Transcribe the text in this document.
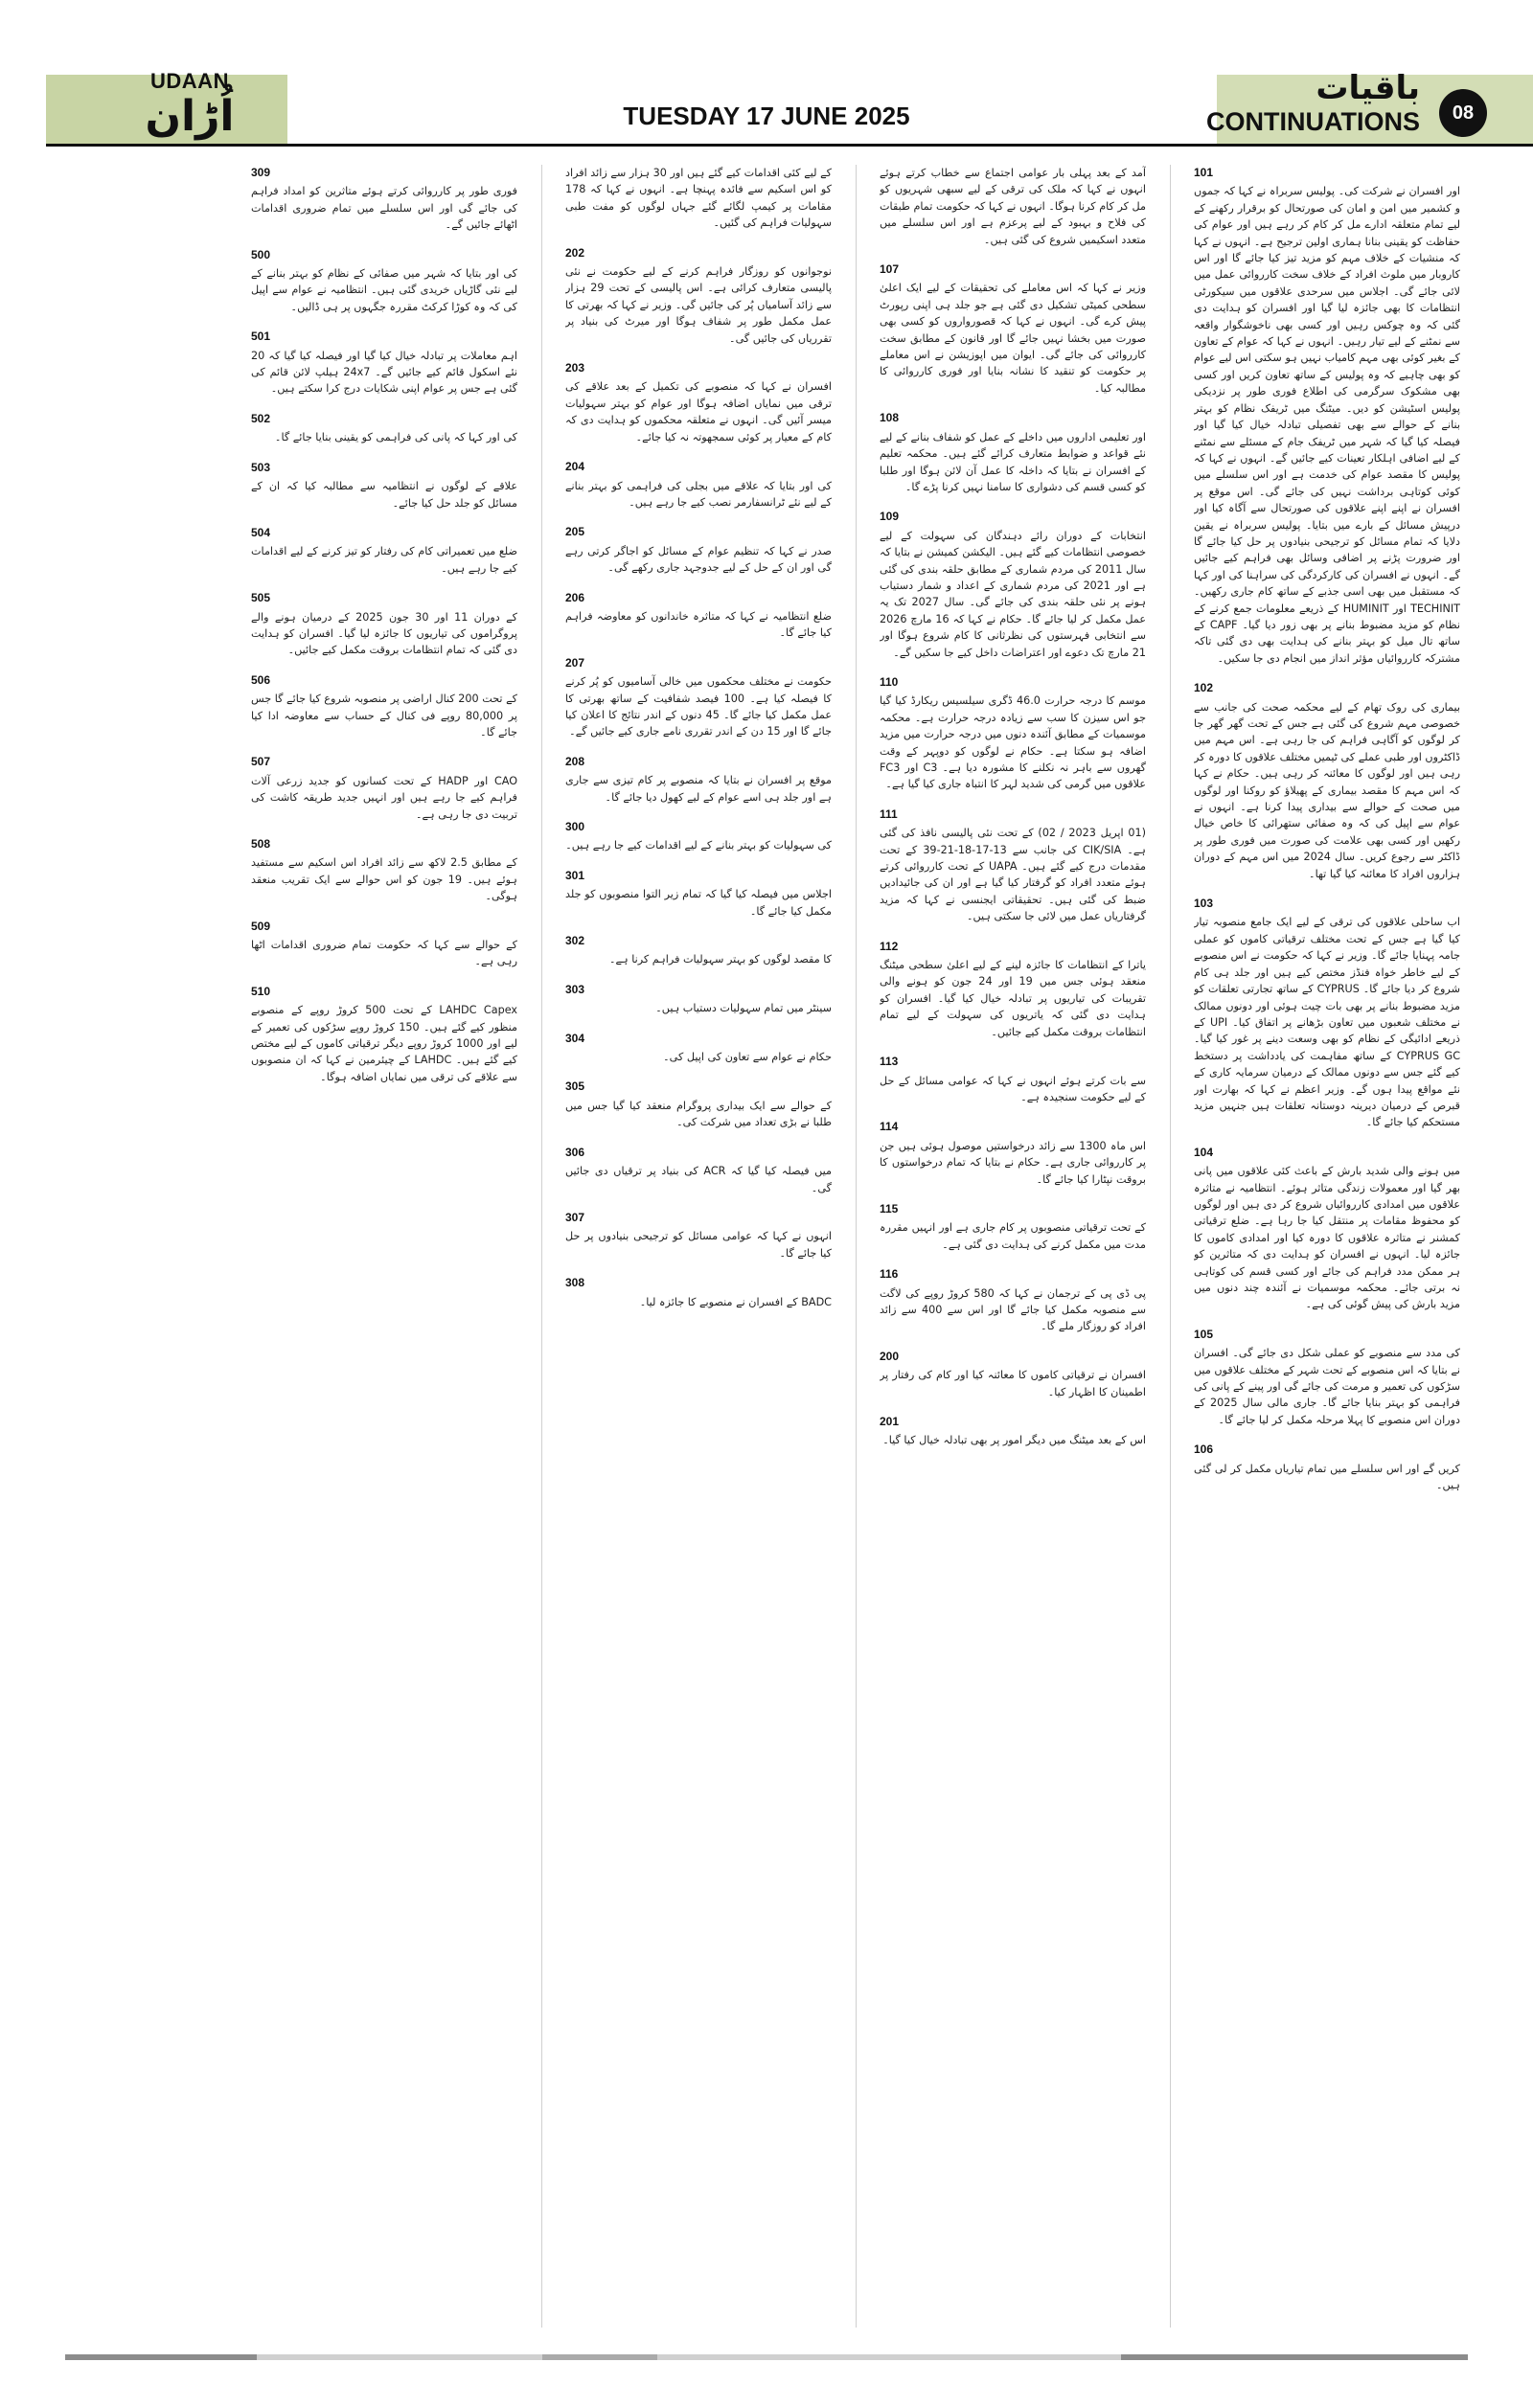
UDAAN
اُڑان	TUESDAY 17 JUNE 2025
باقیات
CONTINUATIONS	08
101
اور افسران نے شرکت کی۔ پولیس سربراہ نے کہا کہ جموں و کشمیر میں امن و امان کی صورتحال کو برقرار رکھنے کے لیے تمام متعلقہ ادارے مل کر کام کر رہے ہیں اور عوام کی حفاظت کو یقینی بنانا ہماری اولین ترجیح ہے۔ انہوں نے کہا کہ منشیات کے خلاف مہم کو مزید تیز کیا جائے گا اور اس کاروبار میں ملوث افراد کے خلاف سخت کارروائی عمل میں لائی جائے گی۔ اجلاس میں سرحدی علاقوں میں سیکورٹی انتظامات کا بھی جائزہ لیا گیا اور افسران کو ہدایت دی گئی کہ وہ چوکس رہیں اور کسی بھی ناخوشگوار واقعہ سے نمٹنے کے لیے تیار رہیں۔ انہوں نے کہا کہ عوام کے تعاون کے بغیر کوئی بھی مہم کامیاب نہیں ہو سکتی اس لیے عوام کو بھی چاہیے کہ وہ پولیس کے ساتھ تعاون کریں اور کسی بھی مشکوک سرگرمی کی اطلاع فوری طور پر نزدیکی پولیس اسٹیشن کو دیں۔ میٹنگ میں ٹریفک نظام کو بہتر بنانے کے حوالے سے بھی تفصیلی تبادلہ خیال کیا گیا اور فیصلہ کیا گیا کہ شہر میں ٹریفک جام کے مسئلے سے نمٹنے کے لیے اضافی اہلکار تعینات کیے جائیں گے۔ انہوں نے کہا کہ پولیس کا مقصد عوام کی خدمت ہے اور اس سلسلے میں کوئی کوتاہی برداشت نہیں کی جائے گی۔ اس موقع پر افسران نے اپنے اپنے علاقوں کی صورتحال سے آگاہ کیا اور درپیش مسائل کے بارے میں بتایا۔ پولیس سربراہ نے یقین دلایا کہ تمام مسائل کو ترجیحی بنیادوں پر حل کیا جائے گا اور ضرورت پڑنے پر اضافی وسائل بھی فراہم کیے جائیں گے۔ انہوں نے افسران کی کارکردگی کی سراہنا کی اور کہا کہ مستقبل میں بھی اسی جذبے کے ساتھ کام جاری رکھیں۔ TECHINIT اور HUMINIT کے ذریعے معلومات جمع کرنے کے نظام کو مزید مضبوط بنانے پر بھی زور دیا گیا۔ CAPF کے ساتھ تال میل کو بہتر بنانے کی ہدایت بھی دی گئی تاکہ مشترکہ کارروائیاں مؤثر انداز میں انجام دی جا سکیں۔
102
بیماری کی روک تھام کے لیے محکمہ صحت کی جانب سے خصوصی مہم شروع کی گئی ہے جس کے تحت گھر گھر جا کر لوگوں کو آگاہی فراہم کی جا رہی ہے۔ اس مہم میں ڈاکٹروں اور طبی عملے کی ٹیمیں مختلف علاقوں کا دورہ کر رہی ہیں اور لوگوں کا معائنہ کر رہی ہیں۔ حکام نے کہا کہ اس مہم کا مقصد بیماری کے پھیلاؤ کو روکنا اور لوگوں میں صحت کے حوالے سے بیداری پیدا کرنا ہے۔ انہوں نے عوام سے اپیل کی کہ وہ صفائی ستھرائی کا خاص خیال رکھیں اور کسی بھی علامت کی صورت میں فوری طور پر ڈاکٹر سے رجوع کریں۔ سال 2024 میں اس مہم کے دوران ہزاروں افراد کا معائنہ کیا گیا تھا۔
103
اب ساحلی علاقوں کی ترقی کے لیے ایک جامع منصوبہ تیار کیا گیا ہے جس کے تحت مختلف ترقیاتی کاموں کو عملی جامہ پہنایا جائے گا۔ وزیر نے کہا کہ حکومت نے اس منصوبے کے لیے خاطر خواہ فنڈز مختص کیے ہیں اور جلد ہی کام شروع کر دیا جائے گا۔ CYPRUS کے ساتھ تجارتی تعلقات کو مزید مضبوط بنانے پر بھی بات چیت ہوئی اور دونوں ممالک نے مختلف شعبوں میں تعاون بڑھانے پر اتفاق کیا۔ UPI کے ذریعے ادائیگی کے نظام کو بھی وسعت دینے پر غور کیا گیا۔ CYPRUS GC کے ساتھ مفاہمت کی یادداشت پر دستخط کیے گئے جس سے دونوں ممالک کے درمیان سرمایہ کاری کے نئے مواقع پیدا ہوں گے۔ وزیر اعظم نے کہا کہ بھارت اور قبرص کے درمیان دیرینہ دوستانہ تعلقات ہیں جنہیں مزید مستحکم کیا جائے گا۔
104
میں ہونے والی شدید بارش کے باعث کئی علاقوں میں پانی بھر گیا اور معمولات زندگی متاثر ہوئے۔ انتظامیہ نے متاثرہ علاقوں میں امدادی کارروائیاں شروع کر دی ہیں اور لوگوں کو محفوظ مقامات پر منتقل کیا جا رہا ہے۔ ضلع ترقیاتی کمشنر نے متاثرہ علاقوں کا دورہ کیا اور امدادی کاموں کا جائزہ لیا۔ انہوں نے افسران کو ہدایت دی کہ متاثرین کو ہر ممکن مدد فراہم کی جائے اور کسی قسم کی کوتاہی نہ برتی جائے۔ محکمہ موسمیات نے آئندہ چند دنوں میں مزید بارش کی پیش گوئی کی ہے۔
105
کی مدد سے منصوبے کو عملی شکل دی جائے گی۔ افسران نے بتایا کہ اس منصوبے کے تحت شہر کے مختلف علاقوں میں سڑکوں کی تعمیر و مرمت کی جائے گی اور پینے کے پانی کی فراہمی کو بہتر بنایا جائے گا۔ جاری مالی سال 2025 کے دوران اس منصوبے کا پہلا مرحلہ مکمل کر لیا جائے گا۔
106
کریں گے اور اس سلسلے میں تمام تیاریاں مکمل کر لی گئی ہیں۔
آمد کے بعد پہلی بار عوامی اجتماع سے خطاب کرتے ہوئے انہوں نے کہا کہ ملک کی ترقی کے لیے سبھی شہریوں کو مل کر کام کرنا ہوگا۔ انہوں نے کہا کہ حکومت تمام طبقات کی فلاح و بہبود کے لیے پرعزم ہے اور اس سلسلے میں متعدد اسکیمیں شروع کی گئی ہیں۔
107
وزیر نے کہا کہ اس معاملے کی تحقیقات کے لیے ایک اعلیٰ سطحی کمیٹی تشکیل دی گئی ہے جو جلد ہی اپنی رپورٹ پیش کرے گی۔ انہوں نے کہا کہ قصورواروں کو کسی بھی صورت میں بخشا نہیں جائے گا اور قانون کے مطابق سخت کارروائی کی جائے گی۔ ایوان میں اپوزیشن نے اس معاملے پر حکومت کو تنقید کا نشانہ بنایا اور فوری کارروائی کا مطالبہ کیا۔
108
اور تعلیمی اداروں میں داخلے کے عمل کو شفاف بنانے کے لیے نئے قواعد و ضوابط متعارف کرائے گئے ہیں۔ محکمہ تعلیم کے افسران نے بتایا کہ داخلہ کا عمل آن لائن ہوگا اور طلبا کو کسی قسم کی دشواری کا سامنا نہیں کرنا پڑے گا۔
109
انتخابات کے دوران رائے دہندگان کی سہولت کے لیے خصوصی انتظامات کیے گئے ہیں۔ الیکشن کمیشن نے بتایا کہ سال 2011 کی مردم شماری کے مطابق حلقہ بندی کی گئی ہے اور 2021 کی مردم شماری کے اعداد و شمار دستیاب ہونے پر نئی حلقہ بندی کی جائے گی۔ سال 2027 تک یہ عمل مکمل کر لیا جائے گا۔ حکام نے کہا کہ 16 مارچ 2026 سے انتخابی فہرستوں کی نظرثانی کا کام شروع ہوگا اور 21 مارچ تک دعوے اور اعتراضات داخل کیے جا سکیں گے۔
110
موسم کا درجہ حرارت 46.0 ڈگری سیلسیس ریکارڈ کیا گیا جو اس سیزن کا سب سے زیادہ درجہ حرارت ہے۔ محکمہ موسمیات کے مطابق آئندہ دنوں میں درجہ حرارت میں مزید اضافہ ہو سکتا ہے۔ حکام نے لوگوں کو دوپہر کے وقت گھروں سے باہر نہ نکلنے کا مشورہ دیا ہے۔ C3 اور FC3 علاقوں میں گرمی کی شدید لہر کا انتباہ جاری کیا گیا ہے۔
111
(01 اپریل 2023 / 02) کے تحت نئی پالیسی نافذ کی گئی ہے۔ CIK/SIA کی جانب سے 13-17-18-21-39 کے تحت مقدمات درج کیے گئے ہیں۔ UAPA کے تحت کارروائی کرتے ہوئے متعدد افراد کو گرفتار کیا گیا ہے اور ان کی جائیدادیں ضبط کی گئی ہیں۔ تحقیقاتی ایجنسی نے کہا کہ مزید گرفتاریاں عمل میں لائی جا سکتی ہیں۔
112
یاترا کے انتظامات کا جائزہ لینے کے لیے اعلیٰ سطحی میٹنگ منعقد ہوئی جس میں 19 اور 24 جون کو ہونے والی تقریبات کی تیاریوں پر تبادلہ خیال کیا گیا۔ افسران کو ہدایت دی گئی کہ یاتریوں کی سہولت کے لیے تمام انتظامات بروقت مکمل کیے جائیں۔
113
سے بات کرتے ہوئے انہوں نے کہا کہ عوامی مسائل کے حل کے لیے حکومت سنجیدہ ہے۔
114
اس ماہ 1300 سے زائد درخواستیں موصول ہوئی ہیں جن پر کارروائی جاری ہے۔ حکام نے بتایا کہ تمام درخواستوں کا بروقت نپٹارا کیا جائے گا۔
115
کے تحت ترقیاتی منصوبوں پر کام جاری ہے اور انہیں مقررہ مدت میں مکمل کرنے کی ہدایت دی گئی ہے۔
116
پی ڈی پی کے ترجمان نے کہا کہ 580 کروڑ روپے کی لاگت سے منصوبہ مکمل کیا جائے گا اور اس سے 400 سے زائد افراد کو روزگار ملے گا۔
200
افسران نے ترقیاتی کاموں کا معائنہ کیا اور کام کی رفتار پر اطمینان کا اظہار کیا۔
201
اس کے بعد میٹنگ میں دیگر امور پر بھی تبادلہ خیال کیا گیا۔
کے لیے کئی اقدامات کیے گئے ہیں اور 30 ہزار سے زائد افراد کو اس اسکیم سے فائدہ پہنچا ہے۔ انہوں نے کہا کہ 178 مقامات پر کیمپ لگائے گئے جہاں لوگوں کو مفت طبی سہولیات فراہم کی گئیں۔
202
نوجوانوں کو روزگار فراہم کرنے کے لیے حکومت نے نئی پالیسی متعارف کرائی ہے۔ اس پالیسی کے تحت 29 ہزار سے زائد آسامیاں پُر کی جائیں گی۔ وزیر نے کہا کہ بھرتی کا عمل مکمل طور پر شفاف ہوگا اور میرٹ کی بنیاد پر تقرریاں کی جائیں گی۔
203
افسران نے کہا کہ منصوبے کی تکمیل کے بعد علاقے کی ترقی میں نمایاں اضافہ ہوگا اور عوام کو بہتر سہولیات میسر آئیں گی۔ انہوں نے متعلقہ محکموں کو ہدایت دی کہ کام کے معیار پر کوئی سمجھوتہ نہ کیا جائے۔
204
کی اور بتایا کہ علاقے میں بجلی کی فراہمی کو بہتر بنانے کے لیے نئے ٹرانسفارمر نصب کیے جا رہے ہیں۔
205
صدر نے کہا کہ تنظیم عوام کے مسائل کو اجاگر کرتی رہے گی اور ان کے حل کے لیے جدوجہد جاری رکھے گی۔
206
ضلع انتظامیہ نے کہا کہ متاثرہ خاندانوں کو معاوضہ فراہم کیا جائے گا۔
207
حکومت نے مختلف محکموں میں خالی آسامیوں کو پُر کرنے کا فیصلہ کیا ہے۔ 100 فیصد شفافیت کے ساتھ بھرتی کا عمل مکمل کیا جائے گا۔ 45 دنوں کے اندر نتائج کا اعلان کیا جائے گا اور 15 دن کے اندر تقرری نامے جاری کیے جائیں گے۔
208
موقع پر افسران نے بتایا کہ منصوبے پر کام تیزی سے جاری ہے اور جلد ہی اسے عوام کے لیے کھول دیا جائے گا۔
300
کی سہولیات کو بہتر بنانے کے لیے اقدامات کیے جا رہے ہیں۔
301
اجلاس میں فیصلہ کیا گیا کہ تمام زیر التوا منصوبوں کو جلد مکمل کیا جائے گا۔
302
کا مقصد لوگوں کو بہتر سہولیات فراہم کرنا ہے۔
303
سینٹر میں تمام سہولیات دستیاب ہیں۔
304
حکام نے عوام سے تعاون کی اپیل کی۔
305
کے حوالے سے ایک بیداری پروگرام منعقد کیا گیا جس میں طلبا نے بڑی تعداد میں شرکت کی۔
306
میں فیصلہ کیا گیا کہ ACR کی بنیاد پر ترقیاں دی جائیں گی۔
307
انہوں نے کہا کہ عوامی مسائل کو ترجیحی بنیادوں پر حل کیا جائے گا۔
308
BADC کے افسران نے منصوبے کا جائزہ لیا۔
309
فوری طور پر کارروائی کرتے ہوئے متاثرین کو امداد فراہم کی جائے گی اور اس سلسلے میں تمام ضروری اقدامات اٹھائے جائیں گے۔
500
کی اور بتایا کہ شہر میں صفائی کے نظام کو بہتر بنانے کے لیے نئی گاڑیاں خریدی گئی ہیں۔ انتظامیہ نے عوام سے اپیل کی کہ وہ کوڑا کرکٹ مقررہ جگہوں پر ہی ڈالیں۔
501
اہم معاملات پر تبادلہ خیال کیا گیا اور فیصلہ کیا گیا کہ 20 نئے اسکول قائم کیے جائیں گے۔ 24x7 ہیلپ لائن قائم کی گئی ہے جس پر عوام اپنی شکایات درج کرا سکتے ہیں۔
502
کی اور کہا کہ پانی کی فراہمی کو یقینی بنایا جائے گا۔
503
علاقے کے لوگوں نے انتظامیہ سے مطالبہ کیا کہ ان کے مسائل کو جلد حل کیا جائے۔
504
ضلع میں تعمیراتی کام کی رفتار کو تیز کرنے کے لیے اقدامات کیے جا رہے ہیں۔
505
کے دوران 11 اور 30 جون 2025 کے درمیان ہونے والے پروگراموں کی تیاریوں کا جائزہ لیا گیا۔ افسران کو ہدایت دی گئی کہ تمام انتظامات بروقت مکمل کیے جائیں۔
506
کے تحت 200 کنال اراضی پر منصوبہ شروع کیا جائے گا جس پر 80,000 روپے فی کنال کے حساب سے معاوضہ ادا کیا جائے گا۔
507
CAO اور HADP کے تحت کسانوں کو جدید زرعی آلات فراہم کیے جا رہے ہیں اور انہیں جدید طریقہ کاشت کی تربیت دی جا رہی ہے۔
508
کے مطابق 2.5 لاکھ سے زائد افراد اس اسکیم سے مستفید ہوئے ہیں۔ 19 جون کو اس حوالے سے ایک تقریب منعقد ہوگی۔
509
کے حوالے سے کہا کہ حکومت تمام ضروری اقدامات اٹھا رہی ہے۔
510
LAHDC Capex کے تحت 500 کروڑ روپے کے منصوبے منظور کیے گئے ہیں۔ 150 کروڑ روپے سڑکوں کی تعمیر کے لیے اور 1000 کروڑ روپے دیگر ترقیاتی کاموں کے لیے مختص کیے گئے ہیں۔ LAHDC کے چیئرمین نے کہا کہ ان منصوبوں سے علاقے کی ترقی میں نمایاں اضافہ ہوگا۔
